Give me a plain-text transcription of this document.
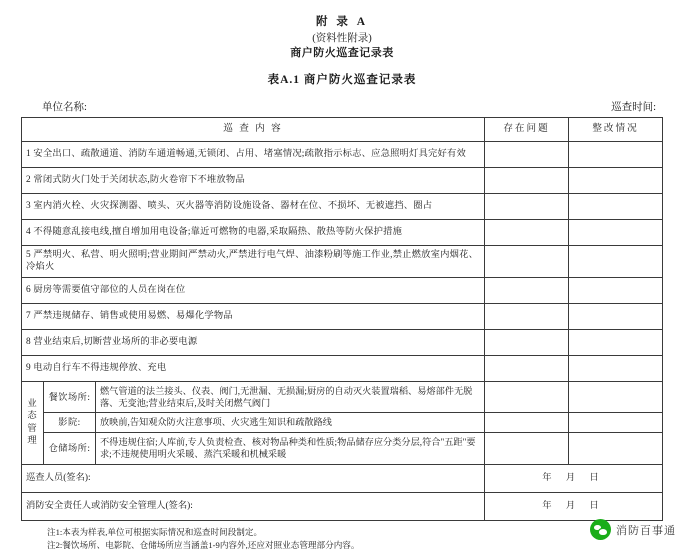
附 录 A
(资料性附录)
商户防火巡查记录表
表A.1 商户防火巡查记录表
单位名称:	巡查时间:
巡 查 内 容			存在问题	整改情况
1 安全出口、疏散通道、消防车通道畅通,无锁闭、占用、堵塞情况;疏散指示标志、应急照明灯具完好有效				
2 常闭式防火门处于关闭状态,防火卷帘下不堆放物品				
3 室内消火栓、火灾探测器、喷头、灭火器等消防设施设备、器材在位、不损坏、无被遮挡、圈占				
4 不得随意乱接电线,擅自增加用电设备;靠近可燃物的电器,采取隔热、散热等防火保护措施				
5 严禁明火、私营、明火照明;营业期间严禁动火,严禁进行电气焊、油漆粉刷等施工作业,禁止燃放室内烟花、冷焰火				
6 厨房等需要值守部位的人员在岗在位				
7 严禁违规储存、销售或使用易燃、易爆化学物品				
8 营业结束后,切断营业场所的非必要电源				
9 电动自行车不得违规停放、充电				

业
态
管
理	餐饮场所:	燃气管道的法兰接头、仪表、阀门,无泄漏、无损漏;厨房的自动灭火装置瑞稻、易熔部件无脱落、无变池;营业结束后,及时关闭燃气阀门		
	影院:	放映前,告知观众防火注意事项、火灾逃生知识和疏散路线		
	仓储场所:	不得违规住宿;人库前,专人负责检查、核对物品种类和性质;物品储存应分类分层,符合"五距"要求;不违规使用明火采暖、蒸汽采暖和机械采暖		
巡查人员(签名):			年 月 日	
消防安全责任人或消防安全管理人(签名):			年 月 日	
注1:本表为样表,单位可根据实际情况和巡查时间段制定。
注2:餐饮场所、电影院、仓储场所应当涵盖1-9内容外,还应对照业态管理部分内容。
消防百事通
